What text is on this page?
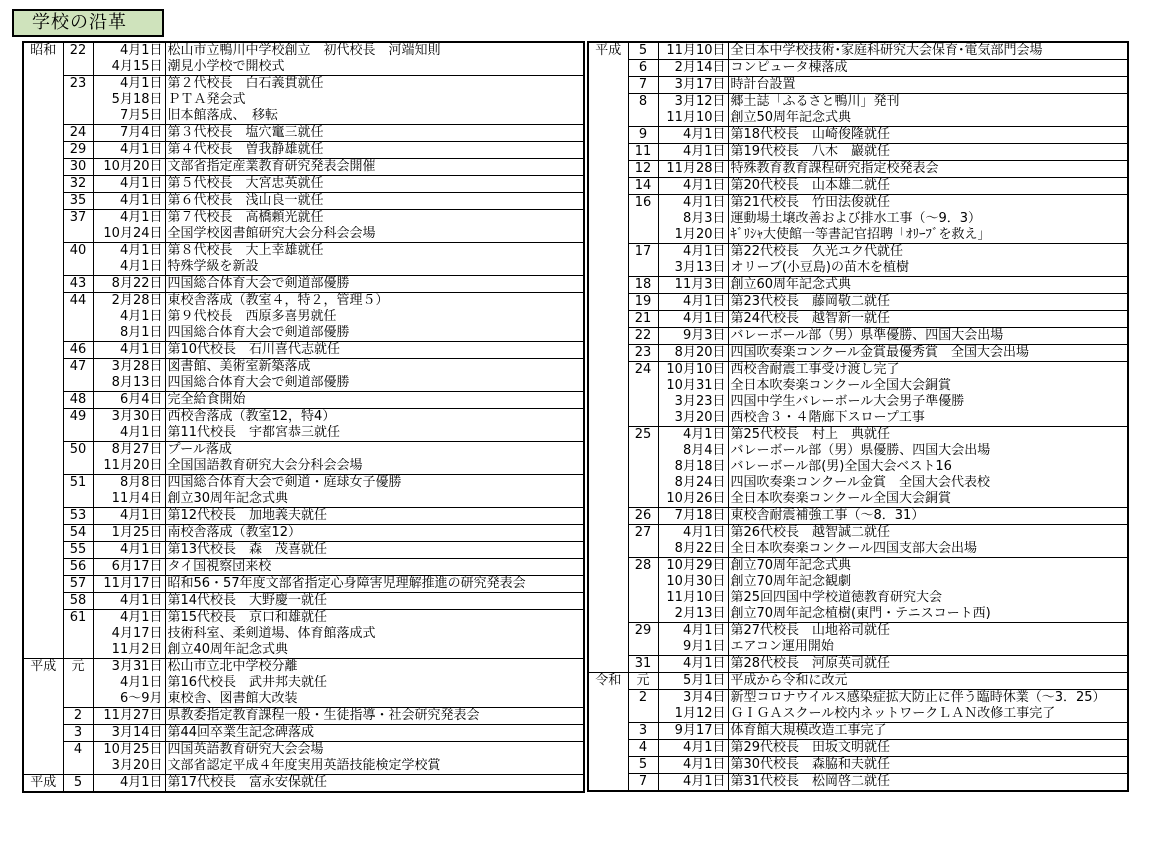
学校の沿革
昭和	22	4月1日	松山市立鴨川中学校創立　初代校長　河端知則
		4月15日	潮見小学校で開校式
	23	4月1日	第２代校長　白石義貫就任
		5月18日	ＰＴＡ発会式
		7月5日	旧本館落成、　移転
	24	7月4日	第３代校長　塩穴竃三就任
	29	4月1日	第４代校長　曽我静雄就任
	30	10月20日	文部省指定産業教育研究発表会開催
	32	4月1日	第５代校長　大宮忠英就任
	35	4月1日	第６代校長　浅山良一就任
	37	4月1日	第７代校長　高橋頼光就任
		10月24日	全国学校図書館研究大会分科会会場
	40	4月1日	第８代校長　大上幸雄就任
		4月1日	特殊学級を新設
	43	8月22日	四国総合体育大会で剣道部優勝
	44	2月28日	東校舎落成（教室４，特２，管理５）
		4月1日	第９代校長　西原多喜男就任
		8月1日	四国総合体育大会で剣道部優勝
	46	4月1日	第10代校長　石川喜代志就任
	47	3月28日	図書館、美術室新築落成
		8月13日	四国総合体育大会で剣道部優勝
	48	6月4日	完全給食開始
	49	3月30日	西校舎落成（教室12，特4）
		4月1日	第11代校長　宇都宮恭三就任
	50	8月27日	プール落成
		11月20日	全国国語教育研究大会分科会会場
	51	8月8日	四国総合体育大会で剣道・庭球女子優勝
		11月4日	創立30周年記念式典
	53	4月1日	第12代校長　加地義夫就任
	54	1月25日	南校舎落成（教室12）
	55	4月1日	第13代校長　森　茂喜就任
	56	6月17日	タイ国視察団来校
	57	11月17日	昭和56・57年度文部省指定心身障害児理解推進の研究発表会
	58	4月1日	第14代校長　大野慶一就任
	61	4月1日	第15代校長　京口和雄就任
		4月17日	技術科室、柔剣道場、体育館落成式
		11月2日	創立40周年記念式典
平成	元	3月31日	松山市立北中学校分離
		4月1日	第16代校長　武井邦夫就任
		6～9月	東校舎、図書館大改装
	2	11月27日	県教委指定教育課程一般・生徒指導・社会研究発表会
	3	3月14日	第44回卒業生記念碑落成
	4	10月25日	四国英語教育研究大会会場
		3月20日	文部省認定平成４年度実用英語技能検定学校賞
平成	5	4月1日	第17代校長　富永安保就任
平成	5	11月10日	全日本中学校技術･家庭科研究大会保育･電気部門会場
	6	2月14日	コンピュータ棟落成
	7	3月17日	時計台設置
	8	3月12日	郷土誌「ふるさと鴨川」発刊
		11月10日	創立50周年記念式典
	9	4月1日	第18代校長　山崎俊隆就任
	11	4月1日	第19代校長　八木　巖就任
	12	11月28日	特殊教育教育課程研究指定校発表会
	14	4月1日	第20代校長　山本雄二就任
	16	4月1日	第21代校長　竹田法俊就任
		8月3日	運動場土壌改善および排水工事（～9．3）
		1月20日	ｷﾞﾘｼｬ大使館一等書記官招聘「ｵﾘｰﾌﾞを救え」
	17	4月1日	第22代校長　久光ユク代就任
		3月13日	オリーブ(小豆島)の苗木を植樹
	18	11月3日	創立60周年記念式典
	19	4月1日	第23代校長　藤岡敬二就任
	21	4月1日	第24代校長　越智新一就任
	22	9月3日	バレーボール部（男）県準優勝、四国大会出場
	23	8月20日	四国吹奏楽コンクール金賞最優秀賞　全国大会出場
	24	10月10日	西校舎耐震工事受け渡し完了
		10月31日	全日本吹奏楽コンクール全国大会銅賞
		3月23日	四国中学生バレーボール大会男子準優勝
		3月20日	西校舎３・４階廊下スロープ工事
	25	4月1日	第25代校長　村上　典就任
		8月4日	バレーボール部（男）県優勝、四国大会出場
		8月18日	バレーボール部(男)全国大会ベスト16
		8月24日	四国吹奏楽コンクール金賞　全国大会代表校
		10月26日	全日本吹奏楽コンクール全国大会銅賞
	26	7月18日	東校舎耐震補強工事（～8．31）
	27	4月1日	第26代校長　越智誠二就任
		8月22日	全日本吹奏楽コンクール四国支部大会出場
	28	10月29日	創立70周年記念式典
		10月30日	創立70周年記念観劇
		11月10日	第25回四国中学校道徳教育研究大会
		2月13日	創立70周年記念植樹(東門・テニスコート西)
	29	4月1日	第27代校長　山地裕司就任
		9月1日	エアコン運用開始
	31	4月1日	第28代校長　河原英司就任
令和	元	5月1日	平成から令和に改元
	2	3月4日	新型コロナウイルス感染症拡大防止に伴う臨時休業（～3．25）
		1月12日	ＧＩＧＡスクール校内ネットワークＬＡＮ改修工事完了
	3	9月17日	体育館大規模改造工事完了
	4	4月1日	第29代校長　田坂文明就任
	5	4月1日	第30代校長　森脇和夫就任
	7	4月1日	第31代校長　松岡啓二就任
